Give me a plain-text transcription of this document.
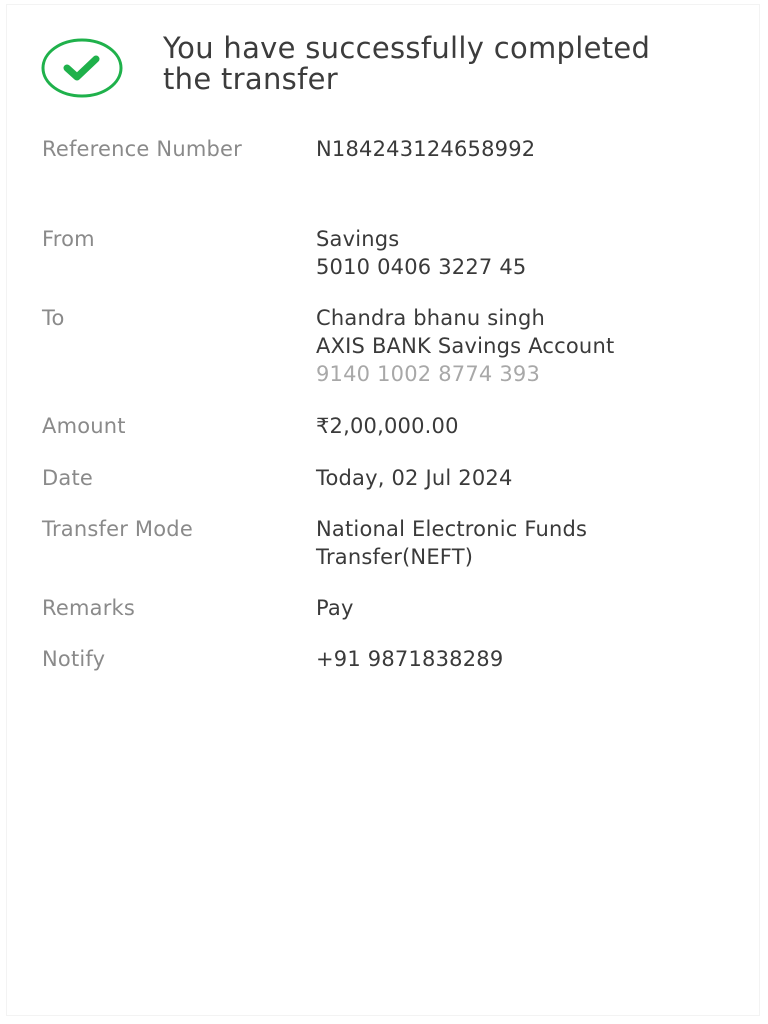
You have successfully completed
the transfer
Reference Number	N184243124658992
From	Savings
5010 0406 3227 45
To	Chandra bhanu singh
AXIS BANK Savings Account
9140 1002 8774 393
Amount	₹2,00,000.00
Date	Today, 02 Jul 2024
Transfer Mode	National Electronic Funds
Transfer(NEFT)
Remarks	Pay
Notify	+91 9871838289
